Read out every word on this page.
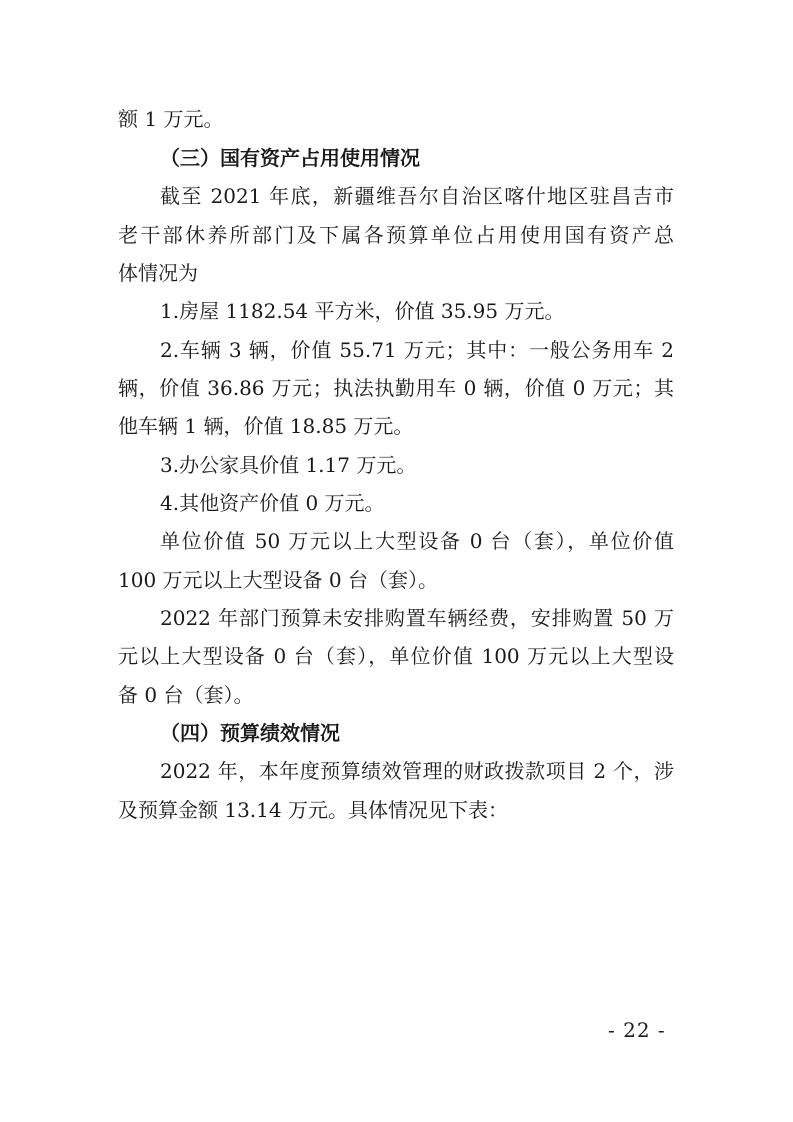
额 1 万元。
（三）国有资产占用使用情况
截至 2021 年底，新疆维吾尔自治区喀什地区驻昌吉市
老干部休养所部门及下属各预算单位占用使用国有资产总
体情况为
1.房屋 1182.54 平方米，价值 35.95 万元。
2.车辆 3 辆，价值 55.71 万元；其中：一般公务用车 2
辆，价值 36.86 万元；执法执勤用车 0 辆，价值 0 万元；其
他车辆 1 辆，价值 18.85 万元。
3.办公家具价值 1.17 万元。
4.其他资产价值 0 万元。
单位价值 50 万元以上大型设备 0 台（套），单位价值
100 万元以上大型设备 0 台（套）。
2022 年部门预算未安排购置车辆经费，安排购置 50 万
元以上大型设备 0 台（套），单位价值 100 万元以上大型设
备 0 台（套）。
（四）预算绩效情况
2022 年，本年度预算绩效管理的财政拨款项目 2 个，涉
及预算金额 13.14 万元。具体情况见下表：
- 22 -
